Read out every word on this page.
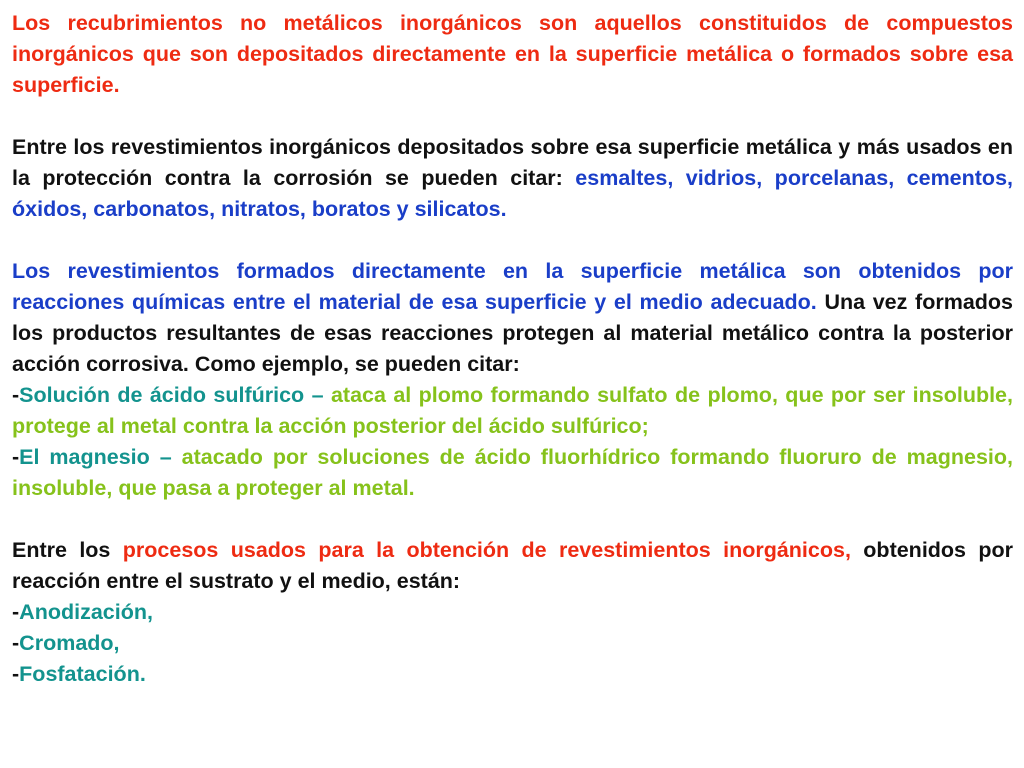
Los recubrimientos no metálicos inorgánicos son aquellos constituidos de compuestos inorgánicos que son depositados directamente en la superficie metálica o formados sobre esa superficie.

Entre los revestimientos inorgánicos depositados sobre esa superficie metálica y más usados en la protección contra la corrosión se pueden citar: esmaltes, vidrios, porcelanas, cementos, óxidos, carbonatos, nitratos, boratos y silicatos.

Los revestimientos formados directamente en la superficie metálica son obtenidos por reacciones químicas entre el material de esa superficie y el medio adecuado. Una vez formados los productos resultantes de esas reacciones protegen al material metálico contra la posterior acción corrosiva. Como ejemplo, se pueden citar:

-Solución de ácido sulfúrico – ataca al plomo formando sulfato de plomo, que por ser insoluble, protege al metal contra la acción posterior del ácido sulfúrico;

-El magnesio – atacado por soluciones de ácido fluorhídrico formando fluoruro de magnesio, insoluble, que pasa a proteger al metal.

Entre los procesos usados para la obtención de revestimientos inorgánicos, obtenidos por reacción entre el sustrato y el medio, están:

-Anodización,

-Cromado,

-Fosfatación.
